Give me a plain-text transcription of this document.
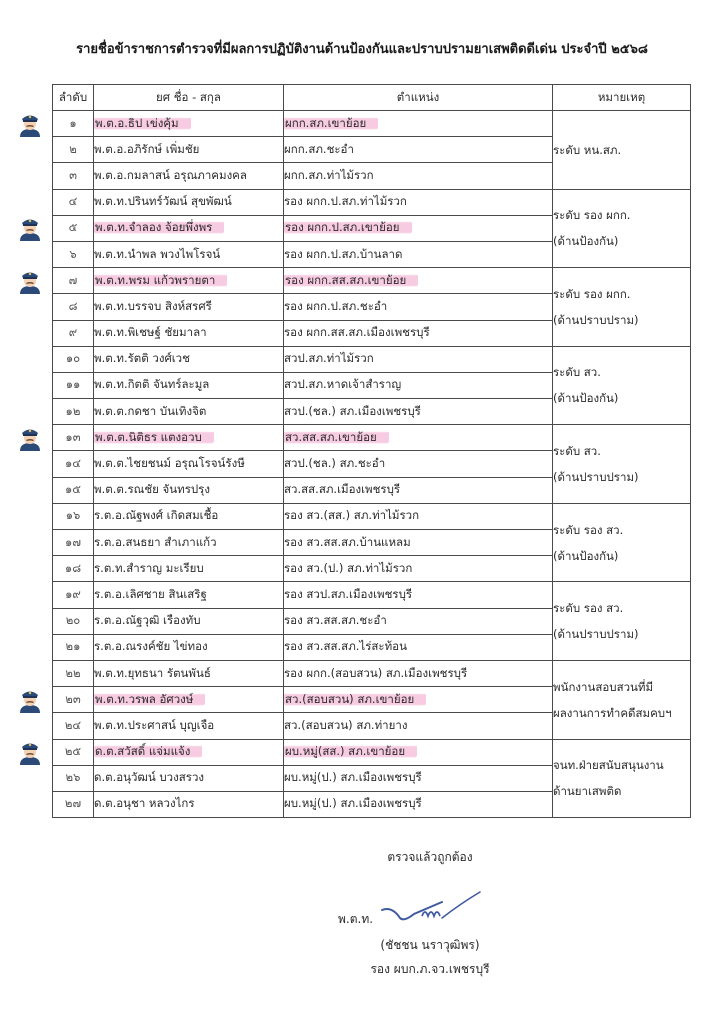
รายชื่อข้าราชการตำรวจที่มีผลการปฏิบัติงานด้านป้องกันและปราบปรามยาเสพติดดีเด่น ประจำปี ๒๕๖๘
ลำดับ	ยศ ชื่อ - สกุล	ตำแหน่ง	หมายเหตุ
๑	พ.ต.อ.ธิป เข่งคุ้ม	ผกก.สภ.เขาย้อย	ระดับ หน.สภ.

๒	พ.ต.อ.อภิรักษ์ เพิ่มชัย	ผกก.สภ.ชะอำ	
๓	พ.ต.อ.กมลาสน์ อรุณภาคมงคล	ผกก.สภ.ท่าไม้รวก	
๔	พ.ต.ท.ปรินทร์วัฒน์ สุขพัฒน์	รอง ผกก.ป.สภ.ท่าไม้รวก	ระดับ รอง ผกก.
(ด้านป้องกัน)

๕	พ.ต.ท.จำลอง จ้อยพึ่งพร	รอง ผกก.ป.สภ.เขาย้อย	
๖	พ.ต.ท.นำพล พวงไพโรจน์	รอง ผกก.ป.สภ.บ้านลาด	
๗	พ.ต.ท.พรม แก้วพรายตา	รอง ผกก.สส.สภ.เขาย้อย	ระดับ รอง ผกก.
(ด้านปราบปราม)

๘	พ.ต.ท.บรรจบ สิงห์สรศรี	รอง ผกก.ป.สภ.ชะอำ	
๙	พ.ต.ท.พิเชษฐ์ ชัยมาลา	รอง ผกก.สส.สภ.เมืองเพชรบุรี	
๑๐	พ.ต.ท.รัตติ วงศ์เวช	สวป.สภ.ท่าไม้รวก	ระดับ สว.
(ด้านป้องกัน)

๑๑	พ.ต.ท.กิตติ จันทร์ละมูล	สวป.สภ.หาดเจ้าสำราญ	
๑๒	พ.ต.ต.กดชา บันเทิงจิต	สวป.(ชล.) สภ.เมืองเพชรบุรี	
๑๓	พ.ต.ต.นิติธร แตงอวบ	สว.สส.สภ.เขาย้อย	ระดับ สว.
(ด้านปราบปราม)

๑๔	พ.ต.ต.ไชยชนม์ อรุณโรจน์รังษี	สวป.(ชล.) สภ.ชะอำ	
๑๕	พ.ต.ต.รณชัย จันทรปรุง	สว.สส.สภ.เมืองเพชรบุรี	
๑๖	ร.ต.อ.ณัฐพงศ์ เกิดสมเชื้อ	รอง สว.(สส.) สภ.ท่าไม้รวก	ระดับ รอง สว.
(ด้านป้องกัน)

๑๗	ร.ต.อ.สนธยา สำเภาแก้ว	รอง สว.สส.สภ.บ้านแหลม	
๑๘	ร.ต.ท.สำราญ มะเรียบ	รอง สว.(ป.) สภ.ท่าไม้รวก	
๑๙	ร.ต.อ.เลิศชาย สินเสริฐ	รอง สวป.สภ.เมืองเพชรบุรี	ระดับ รอง สว.
(ด้านปราบปราม)

๒๐	ร.ต.อ.ณัฐวุฒิ เรืองทับ	รอง สว.สส.สภ.ชะอำ	
๒๑	ร.ต.อ.ณรงค์ชัย ไข่ทอง	รอง สว.สส.สภ.ไร่สะท้อน	
๒๒	พ.ต.ท.ยุทธนา รัตนพันธ์	รอง ผกก.(สอบสวน) สภ.เมืองเพชรบุรี	พนักงานสอบสวนที่มี
ผลงานการทำคดีสมคบฯ

๒๓	พ.ต.ท.วรพล อัศวงษ์	สว.(สอบสวน) สภ.เขาย้อย	
๒๔	พ.ต.ท.ประศาสน์ บุญเจือ	สว.(สอบสวน) สภ.ท่ายาง	
๒๕	ด.ต.สวัสดิ์ แจ่มแจ้ง	ผบ.หมู่(สส.) สภ.เขาย้อย	จนท.ฝ่ายสนับสนุนงาน
ด้านยาเสพติด

๒๖	ด.ต.อนุวัฒน์ บวงสรวง	ผบ.หมู่(ป.) สภ.เมืองเพชรบุรี	
๒๗	ด.ต.อนุชา หลวงไกร	ผบ.หมู่(ป.) สภ.เมืองเพชรบุรี	
ตรวจแล้วถูกต้อง
พ.ต.ท.
(ชัชชน นราวุฒิพร)
รอง ผบก.ภ.จว.เพชรบุรี
